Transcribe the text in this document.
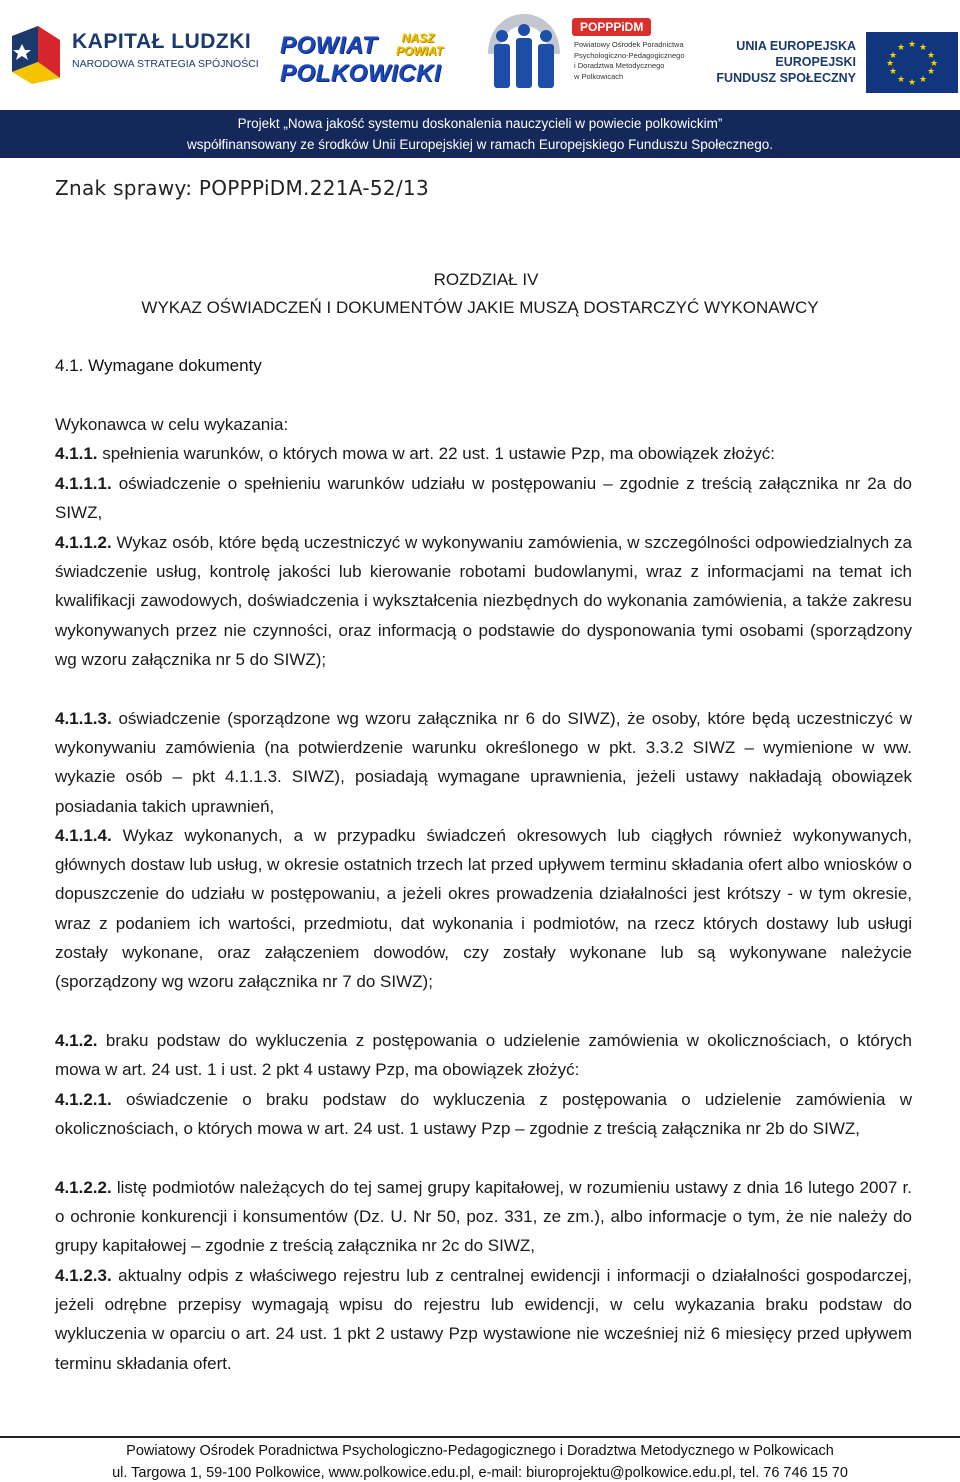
KAPITAŁ LUDZKI
NARODOWA STRATEGIA SPÓJNOŚCI
POWIAT
POLKOWICKI
NASZ POWIAT
POPPPiDM
Powiatowy Ośrodek Poradnictwa
Psychologiczno-Pedagogicznego
i Doradztwa Metodycznego
w Polkowicach
UNIA EUROPEJSKA
EUROPEJSKI
FUNDUSZ SPOŁECZNY
★ ★
★
★
★
★
★
★
★
★
★
★
Projekt „Nowa jakość systemu doskonalenia nauczycieli w powiecie polkowickim”
współfinansowany ze środków Unii Europejskiej w ramach Europejskiego Funduszu Społecznego.
Znak sprawy: POPPPiDM.221A-52/13
ROZDZIAŁ IV
WYKAZ OŚWIADCZEŃ I DOKUMENTÓW JAKIE MUSZĄ DOSTARCZYĆ WYKONAWCY
4.1. Wymagane dokumenty
Wykonawca w celu wykazania:
4.1.1. spełnienia warunków, o których mowa w art. 22 ust. 1 ustawie Pzp, ma obowiązek złożyć:
4.1.1.1. oświadczenie o spełnieniu warunków udziału w postępowaniu – zgodnie z treścią załącznika nr 2a do SIWZ,
4.1.1.2. Wykaz osób, które będą uczestniczyć w wykonywaniu zamówienia, w szczególności odpowiedzialnych za świadczenie usług, kontrolę jakości lub kierowanie robotami budowlanymi, wraz z informacjami na temat ich kwalifikacji zawodowych, doświadczenia i wykształcenia niezbędnych do wykonania zamówienia, a także zakresu wykonywanych przez nie czynności, oraz informacją o podstawie do dysponowania tymi osobami (sporządzony wg wzoru załącznika nr 5 do SIWZ);
4.1.1.3. oświadczenie (sporządzone wg wzoru załącznika nr 6 do SIWZ), że osoby, które będą uczestniczyć w wykonywaniu zamówienia (na potwierdzenie warunku określonego w pkt. 3.3.2 SIWZ – wymienione w ww. wykazie osób – pkt 4.1.1.3. SIWZ), posiadają wymagane uprawnienia, jeżeli ustawy nakładają obowiązek posiadania takich uprawnień,
4.1.1.4. Wykaz wykonanych, a w przypadku świadczeń okresowych lub ciągłych również wykonywanych, głównych dostaw lub usług, w okresie ostatnich trzech lat przed upływem terminu składania ofert albo wniosków o dopuszczenie do udziału w postępowaniu, a jeżeli okres prowadzenia działalności jest krótszy - w tym okresie, wraz z podaniem ich wartości, przedmiotu, dat wykonania i podmiotów, na rzecz których dostawy lub usługi zostały wykonane, oraz załączeniem dowodów, czy zostały wykonane lub są wykonywane należycie (sporządzony wg wzoru załącznika nr 7 do SIWZ);
4.1.2. braku podstaw do wykluczenia z postępowania o udzielenie zamówienia w okolicznościach, o których mowa w art. 24 ust. 1 i ust. 2 pkt 4 ustawy Pzp, ma obowiązek złożyć:
4.1.2.1. oświadczenie o braku podstaw do wykluczenia z postępowania o udzielenie zamówienia w okolicznościach, o których mowa w art. 24 ust. 1 ustawy Pzp – zgodnie z treścią załącznika nr 2b do SIWZ,
4.1.2.2. listę podmiotów należących do tej samej grupy kapitałowej, w rozumieniu ustawy z dnia 16 lutego 2007 r. o ochronie konkurencji i konsumentów (Dz. U. Nr 50, poz. 331, ze zm.), albo informacje o tym, że nie należy do grupy kapitałowej – zgodnie z treścią załącznika nr 2c do SIWZ,
4.1.2.3. aktualny odpis z właściwego rejestru lub z centralnej ewidencji i informacji o działalności gospodarczej, jeżeli odrębne przepisy wymagają wpisu do rejestru lub ewidencji, w celu wykazania braku podstaw do wykluczenia w oparciu o art. 24 ust. 1 pkt 2 ustawy Pzp wystawione nie wcześniej niż 6 miesięcy przed upływem terminu składania ofert.
Powiatowy Ośrodek Poradnictwa Psychologiczno-Pedagogicznego i Doradztwa Metodycznego w Polkowicach
ul. Targowa 1, 59-100 Polkowice, www.polkowice.edu.pl, e-mail: biuroprojektu@polkowice.edu.pl, tel. 76 746 15 70
